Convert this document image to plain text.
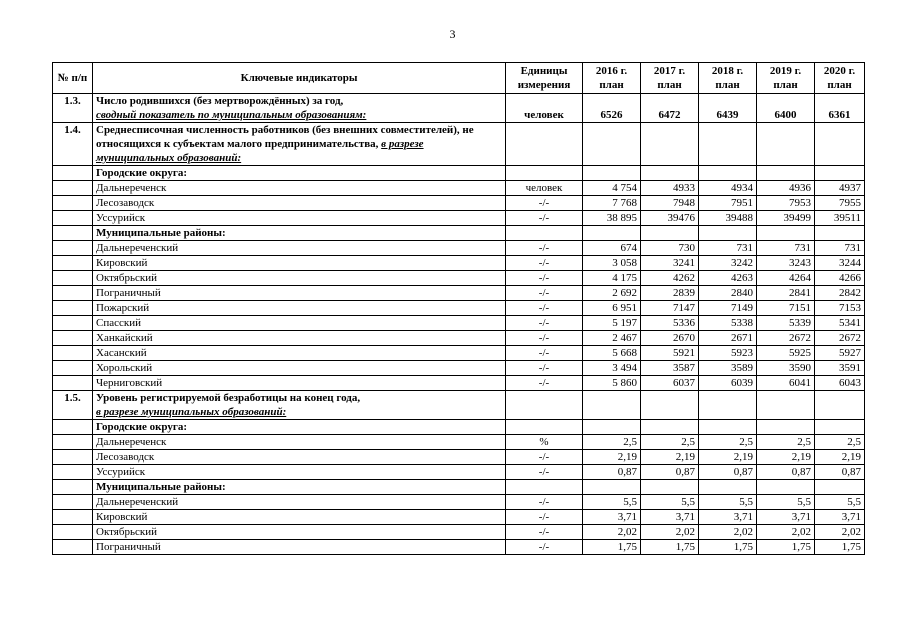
3
№ п/п	Ключевые индикаторы	Единицы измерения	2016 г. план	2017 г. план	2018 г. план	2019 г. план	2020 г. план
1.3.	Число родившихся (без мертворождённых) за год,
сводный показатель по муниципальным образованиям:	человек	6526	6472	6439	6400	6361
1.4.	Среднесписочная численность работников (без внешних совместителей), не относящихся к субъектам малого предпринимательства, в разрезе муниципальных образований:						
	Городские округа:						
	Дальнереченск	человек	4 754	4933	4934	4936	4937
	Лесозаводск	-/-	7 768	7948	7951	7953	7955
	Уссурийск	-/-	38 895	39476	39488	39499	39511
	Муниципальные районы:						
	Дальнереченский	-/-	674	730	731	731	731
	Кировский	-/-	3 058	3241	3242	3243	3244
	Октябрьский	-/-	4 175	4262	4263	4264	4266
	Пограничный	-/-	2 692	2839	2840	2841	2842
	Пожарский	-/-	6 951	7147	7149	7151	7153
	Спасский	-/-	5 197	5336	5338	5339	5341
	Ханкайский	-/-	2 467	2670	2671	2672	2672
	Хасанский	-/-	5 668	5921	5923	5925	5927
	Хорольский	-/-	3 494	3587	3589	3590	3591
	Черниговский	-/-	5 860	6037	6039	6041	6043
1.5.	Уровень регистрируемой безработицы на конец года,
в разрезе муниципальных образований:						

	Городские округа:						
	Дальнереченск	%	2,5	2,5	2,5	2,5	2,5
	Лесозаводск	-/-	2,19	2,19	2,19	2,19	2,19
	Уссурийск	-/-	0,87	0,87	0,87	0,87	0,87
	Муниципальные районы:						
	Дальнереченский	-/-	5,5	5,5	5,5	5,5	5,5
	Кировский	-/-	3,71	3,71	3,71	3,71	3,71
	Октябрьский	-/-	2,02	2,02	2,02	2,02	2,02
	Пограничный	-/-	1,75	1,75	1,75	1,75	1,75
